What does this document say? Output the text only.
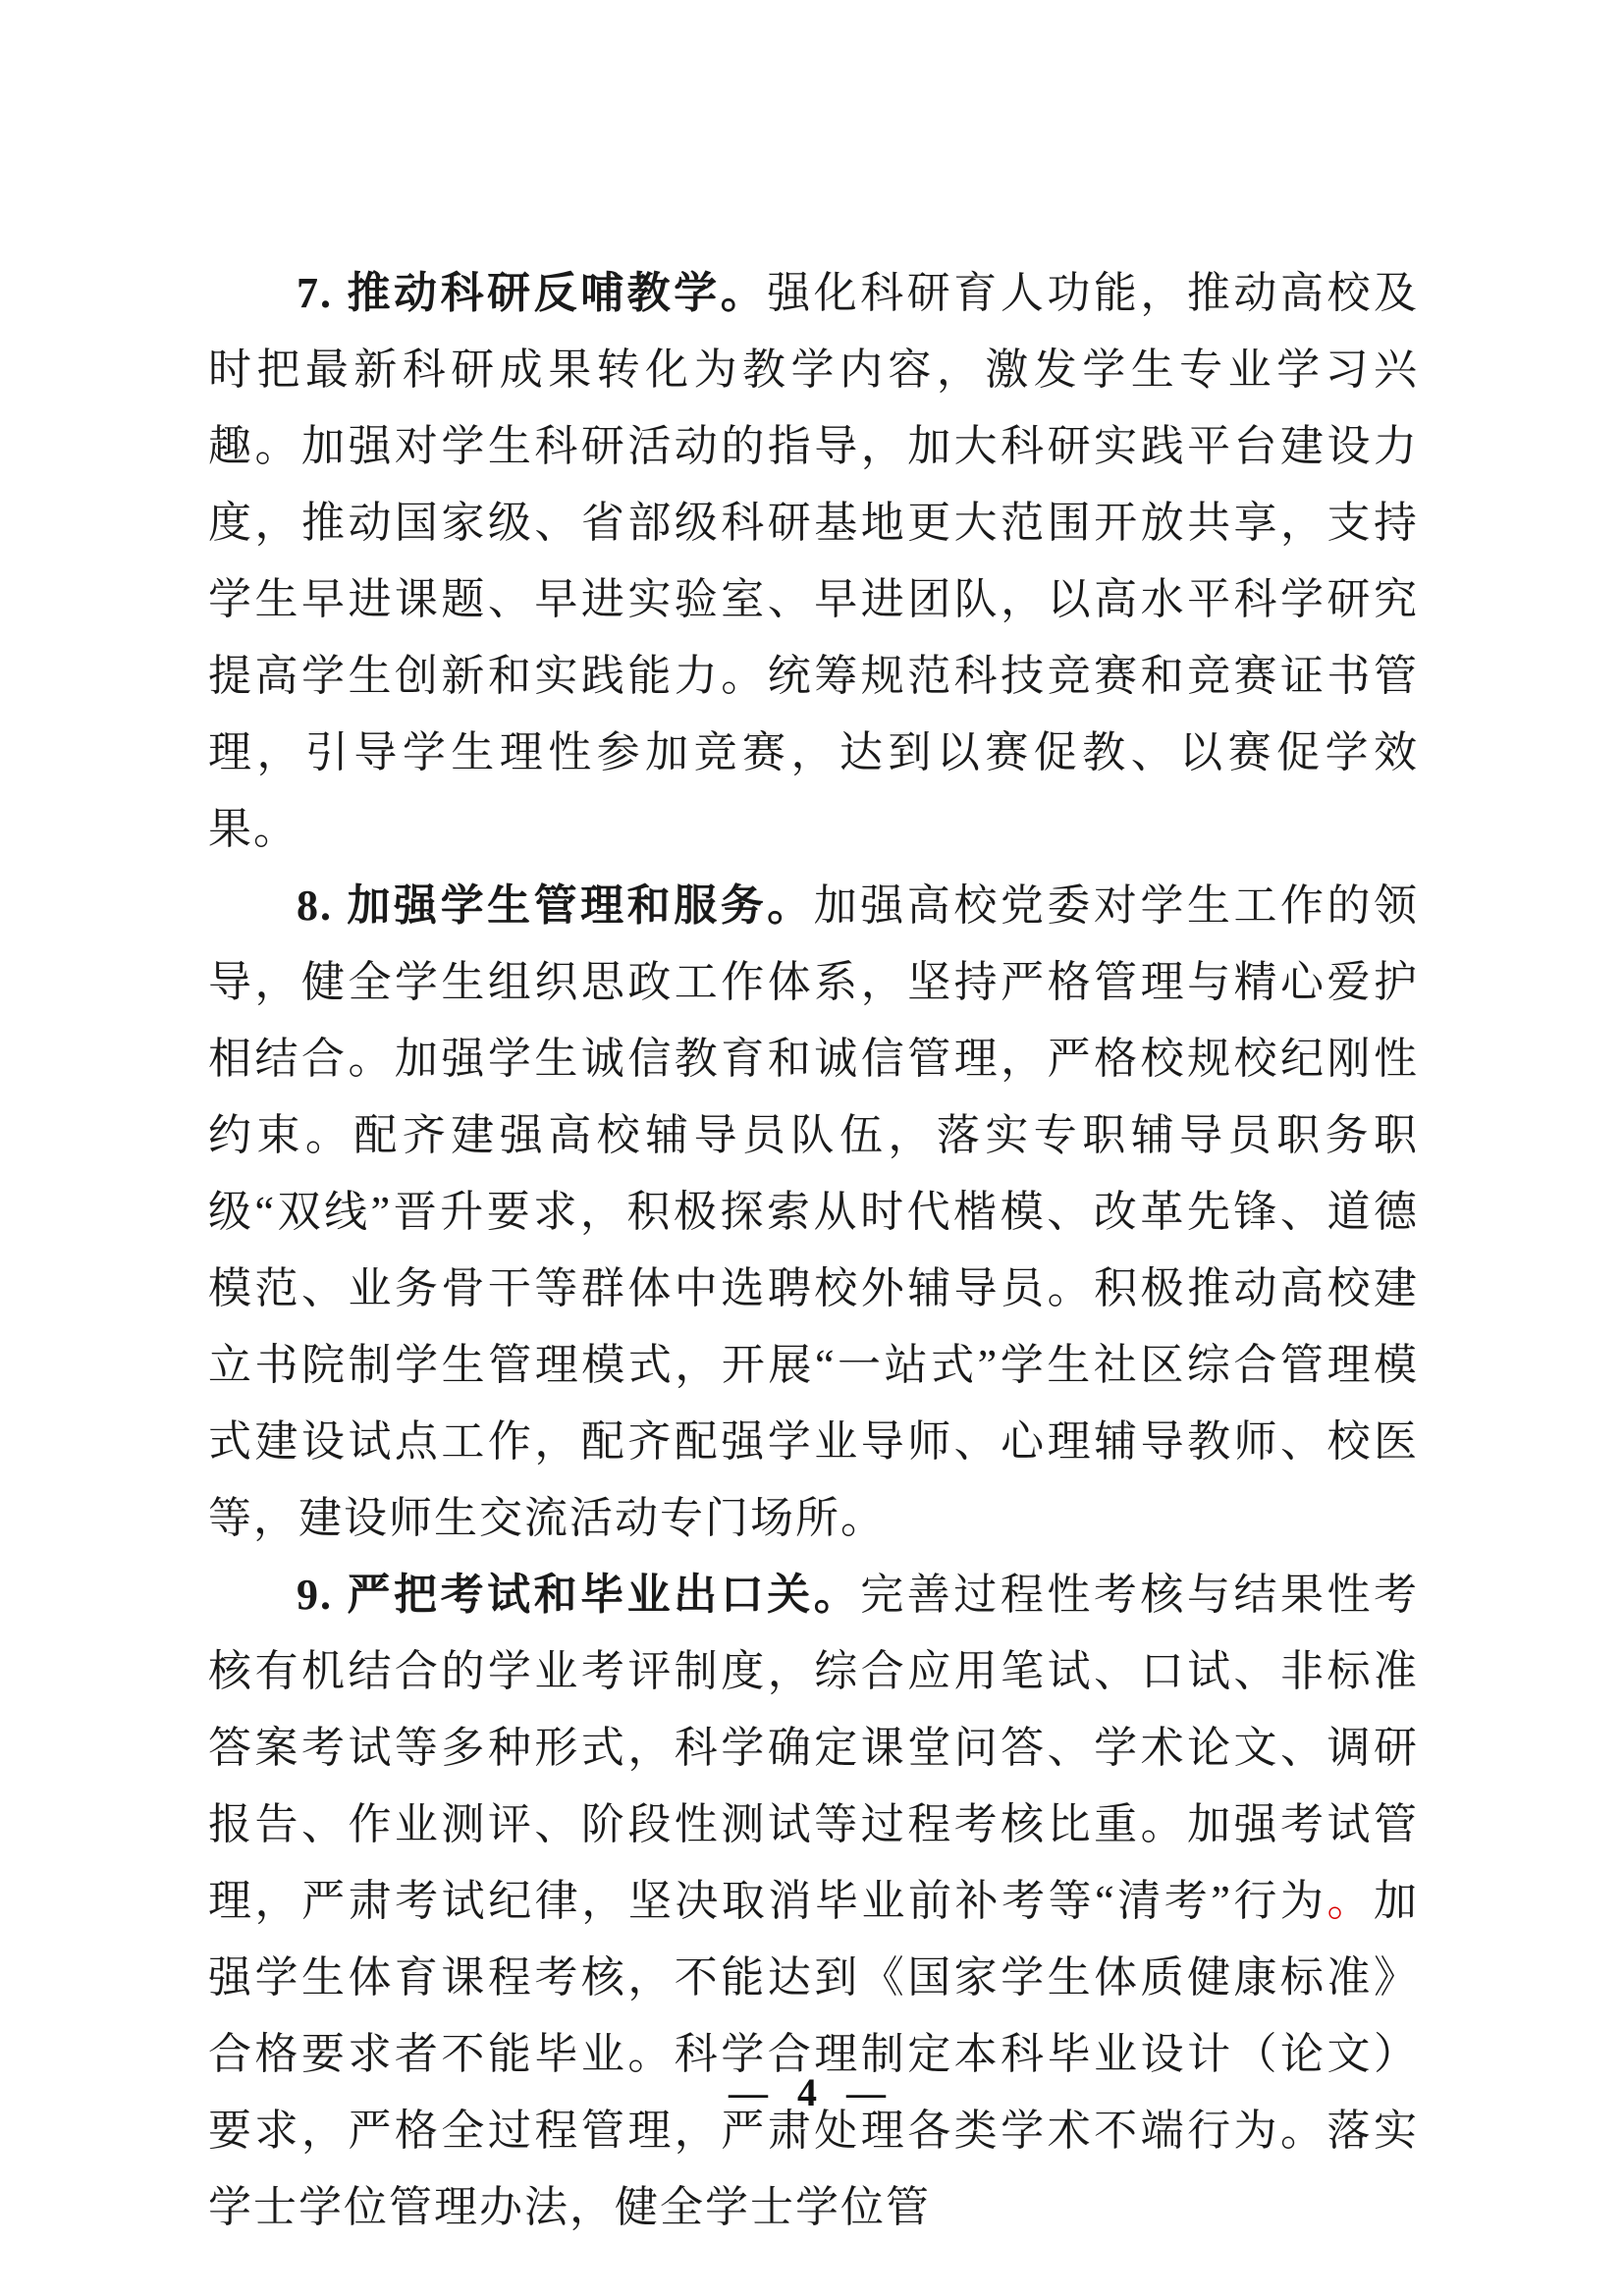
7. 推动科研反哺教学。强化科研育人功能，推动高校及时把最新科研成果转化为教学内容，激发学生专业学习兴趣。加强对学生科研活动的指导，加大科研实践平台建设力度，推动国家级、省部级科研基地更大范围开放共享，支持学生早进课题、早进实验室、早进团队，以高水平科学研究提高学生创新和实践能力。统筹规范科技竞赛和竞赛证书管理，引导学生理性参加竞赛，达到以赛促教、以赛促学效果。

8. 加强学生管理和服务。加强高校党委对学生工作的领导，健全学生组织思政工作体系，坚持严格管理与精心爱护相结合。加强学生诚信教育和诚信管理，严格校规校纪刚性约束。配齐建强高校辅导员队伍，落实专职辅导员职务职级“双线”晋升要求，积极探索从时代楷模、改革先锋、道德模范、业务骨干等群体中选聘校外辅导员。积极推动高校建立书院制学生管理模式，开展“一站式”学生社区综合管理模式建设试点工作，配齐配强学业导师、心理辅导教师、校医等，建设师生交流活动专门场所。

9. 严把考试和毕业出口关。完善过程性考核与结果性考核有机结合的学业考评制度，综合应用笔试、口试、非标准答案考试等多种形式，科学确定课堂问答、学术论文、调研报告、作业测评、阶段性测试等过程考核比重。加强考试管理，严肃考试纪律，坚决取消毕业前补考等“清考”行为。加强学生体育课程考核，不能达到《国家学生体质健康标准》合格要求者不能毕业。科学合理制定本科毕业设计（论文）要求，严格全过程管理，严肃处理各类学术不端行为。落实学士学位管理办法，健全学士学位管

— 4 —
